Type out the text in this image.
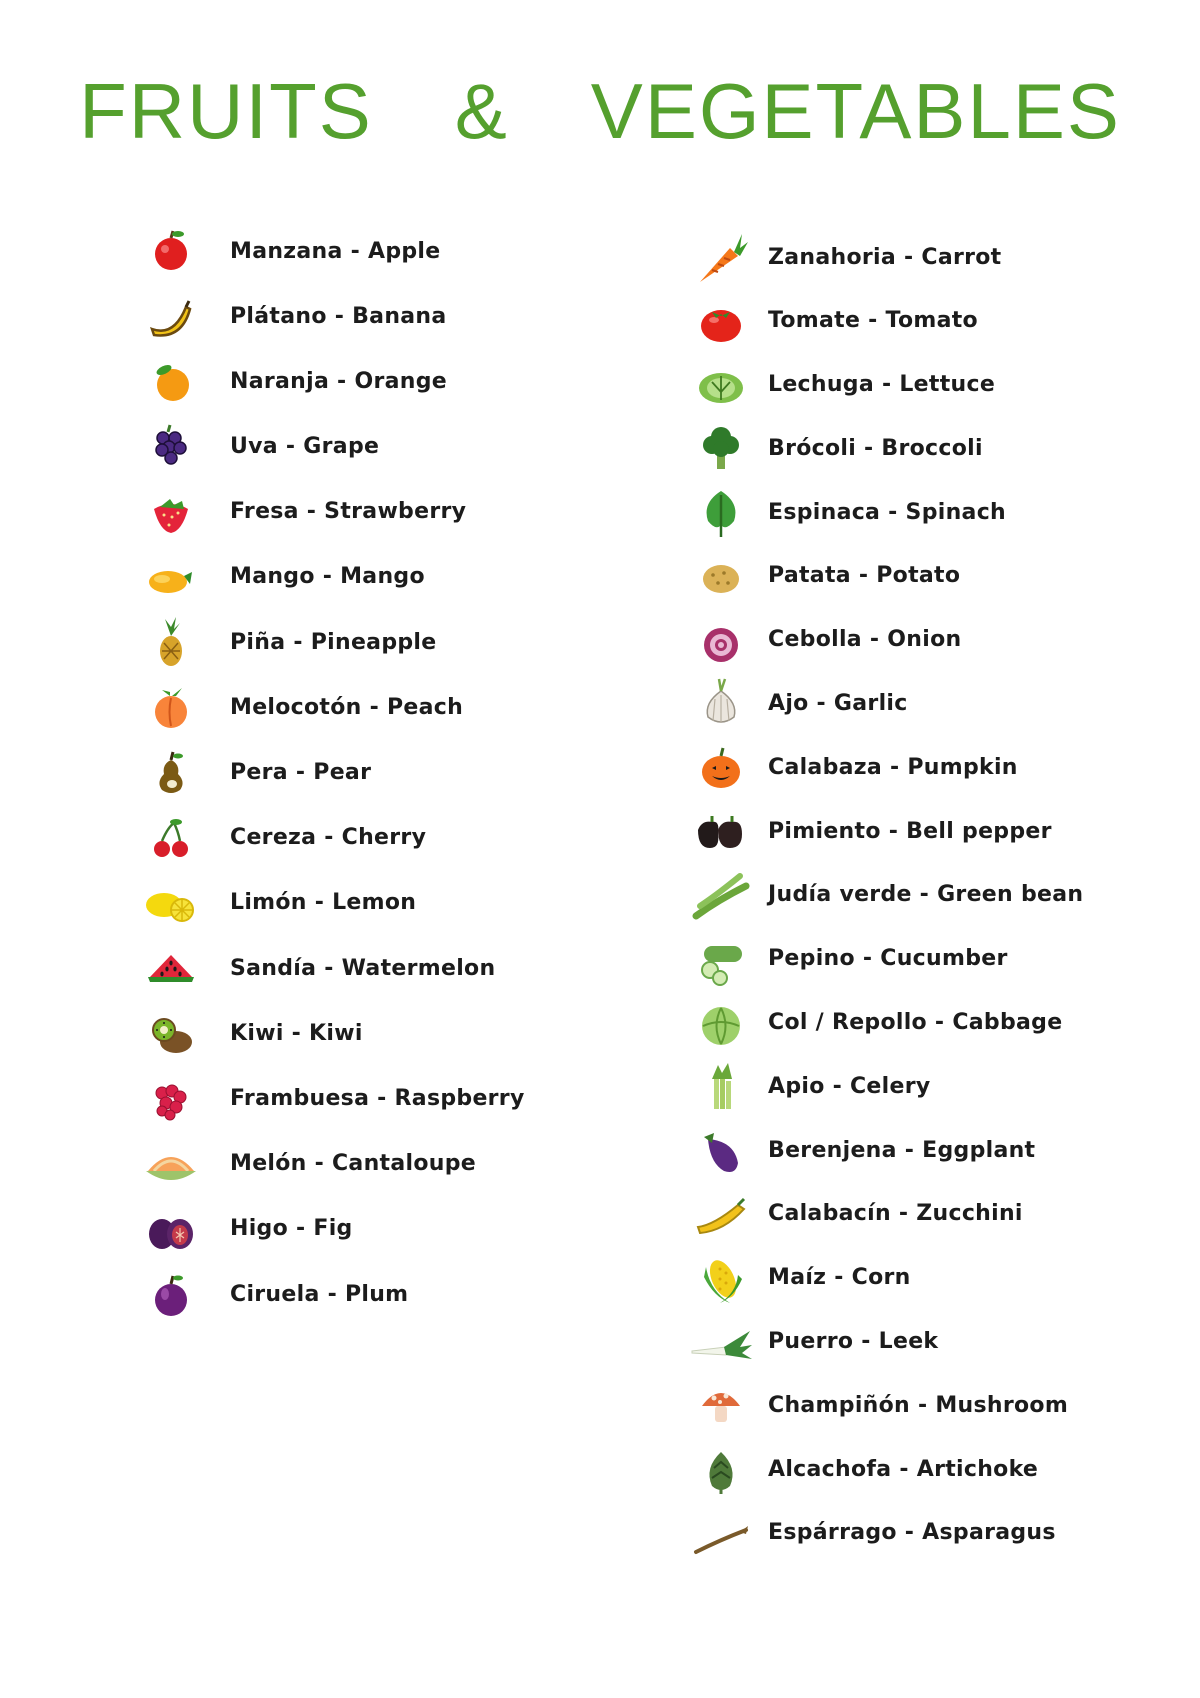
FRUITS & VEGETABLES
Manzana - Apple
Plátano - Banana
Naranja - Orange
Uva - Grape
Fresa - Strawberry
Mango - Mango
Piña - Pineapple
Melocotón - Peach
Pera - Pear
Cereza - Cherry
Limón - Lemon
Sandía - Watermelon
Kiwi - Kiwi
Frambuesa - Raspberry
Melón - Cantaloupe
Higo - Fig
Ciruela - Plum
Zanahoria - Carrot
Tomate - Tomato
Lechuga - Lettuce
Brócoli - Broccoli
Espinaca - Spinach
Patata - Potato
Cebolla - Onion
Ajo - Garlic
Calabaza - Pumpkin
Pimiento - Bell pepper
Judía verde - Green bean
Pepino - Cucumber
Col / Repollo - Cabbage
Apio - Celery
Berenjena - Eggplant
Calabacín - Zucchini
Maíz - Corn
Puerro - Leek
Champiñón - Mushroom
Alcachofa - Artichoke
Espárrago - Asparagus
